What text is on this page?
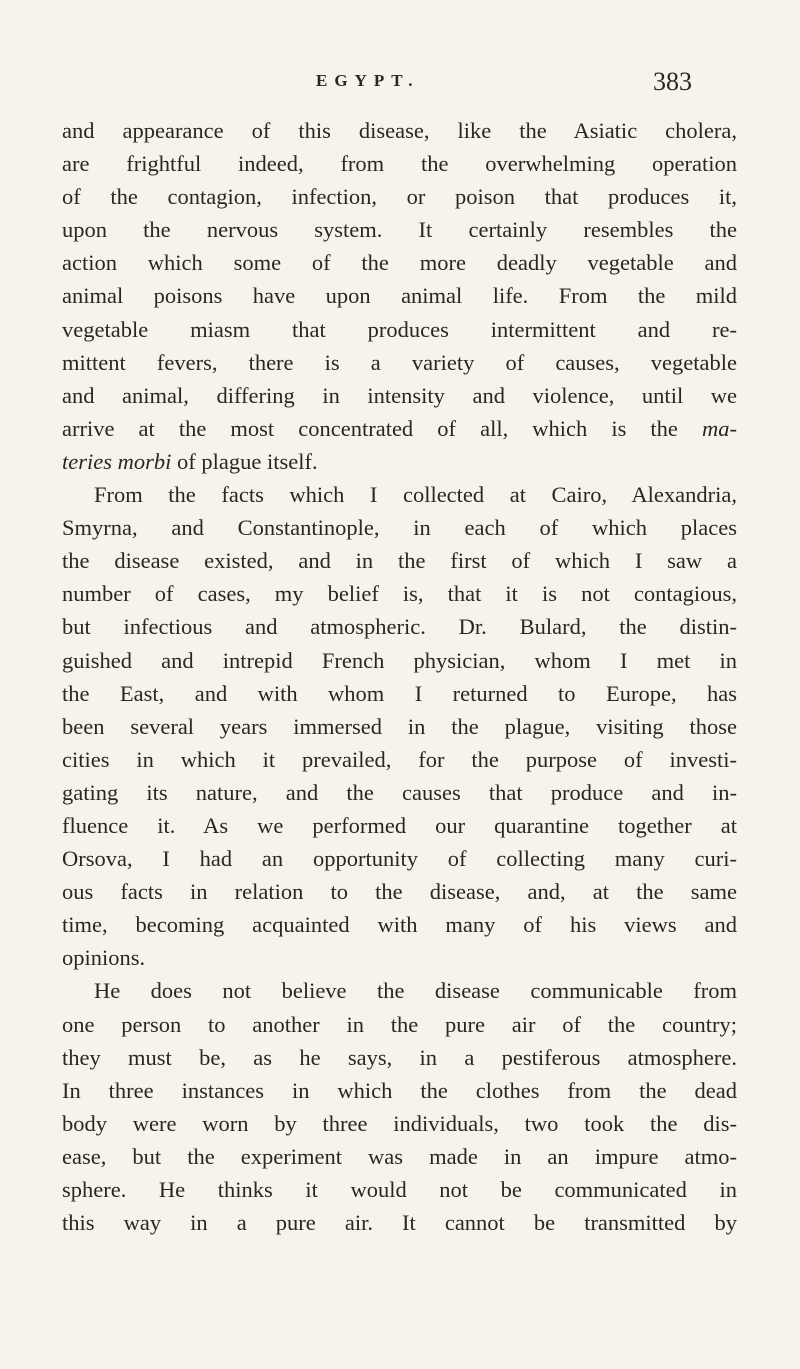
EGYPT.	383
and appearance of this disease, like the Asiatic cholera,
are frightful indeed, from the overwhelming operation
of the contagion, infection, or poison that produces it,
upon the nervous system. It certainly resembles the
action which some of the more deadly vegetable and
animal poisons have upon animal life. From the mild
vegetable miasm that produces intermittent and re-
mittent fevers, there is a variety of causes, vegetable
and animal, differing in intensity and violence, until we
arrive at the most concentrated of all, which is the ma-
teries morbi of plague itself.
From the facts which I collected at Cairo, Alexandria,
Smyrna, and Constantinople, in each of which places
the disease existed, and in the first of which I saw a
number of cases, my belief is, that it is not contagious,
but infectious and atmospheric. Dr. Bulard, the distin-
guished and intrepid French physician, whom I met in
the East, and with whom I returned to Europe, has
been several years immersed in the plague, visiting those
cities in which it prevailed, for the purpose of investi-
gating its nature, and the causes that produce and in-
fluence it. As we performed our quarantine together at
Orsova, I had an opportunity of collecting many curi-
ous facts in relation to the disease, and, at the same
time, becoming acquainted with many of his views and
opinions.
He does not believe the disease communicable from
one person to another in the pure air of the country;
they must be, as he says, in a pestiferous atmosphere.
In three instances in which the clothes from the dead
body were worn by three individuals, two took the dis-
ease, but the experiment was made in an impure atmo-
sphere. He thinks it would not be communicated in
this way in a pure air. It cannot be transmitted by
